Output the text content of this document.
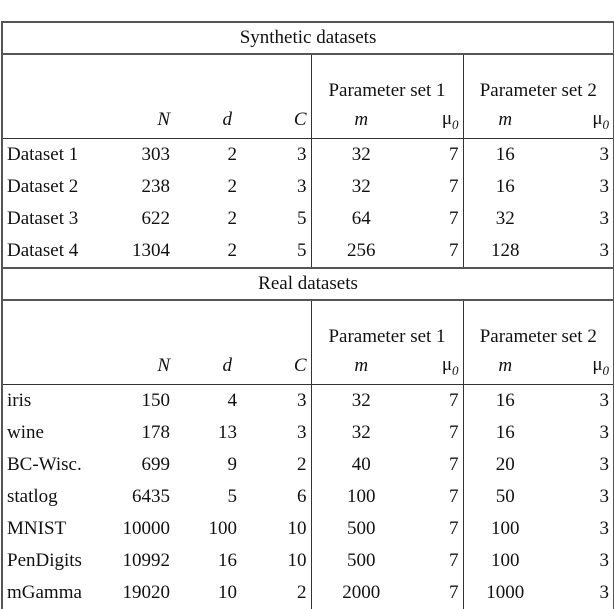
Synthetic datasets							
				Parameter set 1		Parameter set 2	
	N	d	C	m	$\mu_0$	m	$\mu_0$
Dataset 1	303	2	3	32	7	16	3
Dataset 2	238	2	3	32	7	16	3
Dataset 3	622	2	5	64	7	32	3
Dataset 4	1304	2	5	256	7	128	3
Real datasets							
				Parameter set 1		Parameter set 2	
	N	d	C	m	$\mu_0$	m	$\mu_0$
iris	150	4	3	32	7	16	3
wine	178	13	3	32	7	16	3
BC-Wisc.	699	9	2	40	7	20	3
statlog	6435	5	6	100	7	50	3
MNIST	10000	100	10	500	7	100	3
PenDigits	10992	16	10	500	7	100	3
mGamma	19020	10	2	2000	7	1000	3
